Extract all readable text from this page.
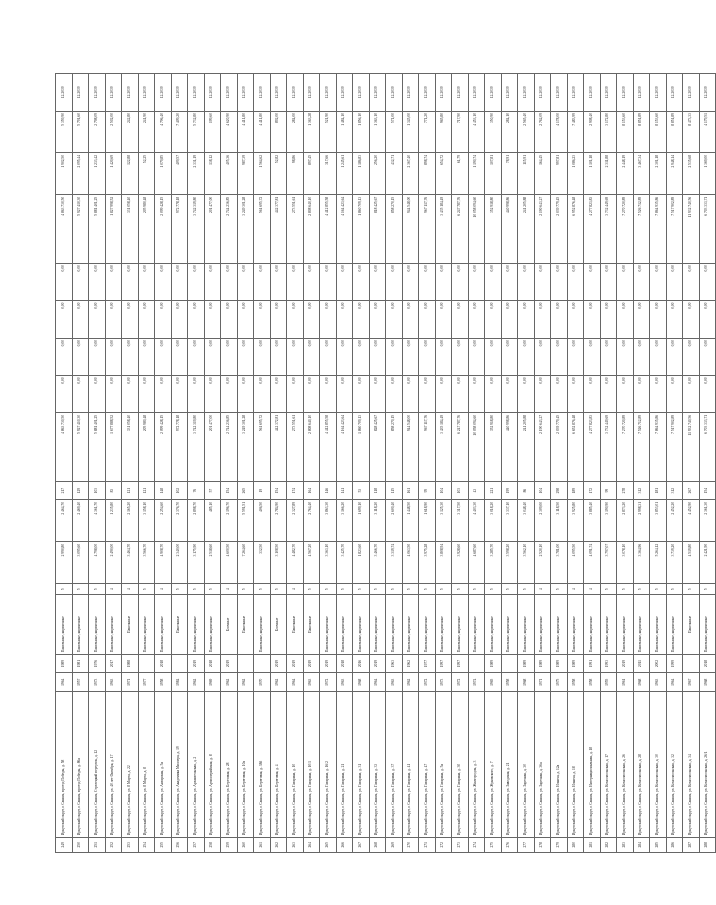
249	Иркутский округ, г. Саянск, проезд Победы, д. 58	1964	1989	Панельные, кирпичные	5	2 990,80	2 464,70	217	4 863 730,50	0,00	0,00	0,00	0,00	4 863 730,50	1 902,50	5 359,90	12.2039
250	Иркутский округ, г. Саянск, проезд Победы, д. 86а	1957	1981	Панельные, кирпичные	5	3 095,60	2 469,40	129	5 927 410,30	0,00	0,00	0,00	0,00	5 927 410,30	2 095,44	5 791,60	12.2039
251	Иркутский округ, г. Саянск, Стрелецкий переулок, д. 12	1973	1976	Панельные, кирпичные	5	4 798,00	4 361,70	103	5 881 401,25	0,00	0,00	0,00	0,00	5 881 401,25	1 233,42	2 798,09	12.2039
252	Иркутский округ, г. Саянск, ул. 40 лет Октября, д. 17	1963	2017	Панельные, кирпичные	4	2 490,00	1 235,80	83	1 677 888,52	0,00	0,00	0,00	0,00	1 827 998,52	1 420,69	2 502,00	12.2039
253	Иркутский округ, г. Саянск, ул. 8 Марта, д. 22	1971	1988	Панельные	4	3 464,70	2 165,20	121	331 058,40	0,00	0,00	0,00	0,00	331 058,40	122,88	242,80	12.2039
254	Иркутский округ, г. Саянск, ул. 8 Марта, д. 8	1977		Панельные, кирпичные	5	3 566,70	3 158,10	121	205 980,48	0,00	0,00	0,00	0,00	205 980,48	52,25	241,90	12.2039
255	Иркутский округ, г. Саянск, ул. Ангарская, д. 5а	1958	2018	Панельные, кирпичные	4	4 908,70	2 254,60	148	2 099 428,15	0,00	0,00	0,00	0,00	2 099 428,15	1 079,85	4 796,40	12.2039
256	Иркутский округ, г. Саянск, ул. Академика Миллера, д. 19	1984		Панельные	5	2 340,00	2 376,70	102	972 778,18	0,00	0,00	0,00	0,00	972 778,18	409,57	7 409,20	12.2039
257	Иркутский округ, г. Саянск, ул. Архангельская, д. 2	1962	2019	Панельные, кирпичные	5	3 175,90	2 898,70	76	3 742 319,80	0,00	0,00	0,00	0,00	3 742 319,80	2 331,19	5 732,80	12.2039
258	Иркутский округ, г. Саянск, ул. Артиллерийская, д. 8	1969	2018	Панельные, кирпичные	5	2 518,60	485,10	57	201 477,00	0,00	0,00	0,00	0,00	201 477,00	138,12	199,60	12.2039
259	Иркутский округ, г. Саянск, ул. Березовая, д. 28	1962	2019	Блочные	4	4 600,50	2 196,70	154	2 744 236,85	0,00	0,00	0,00	0,00	2 744 236,85	405,36	4 620,90	12.2039
260	Иркутский округ, г. Саянск, ул. Береговая, д. 10а	1962		Панельные	5	7 264,60	5 591,51	265	3 249 301,28	0,00	0,00	0,00	0,00	3 249 301,28	987,39	4 411,80	12.2039
261	Иркутский округ, г. Саянск, ул. Береговая, д. 38б	1970		Панельные, кирпичные	5	332,50	406,50	19	561 695,72	0,00	0,00	0,00	0,00	561 695,72	1 564,62	4 411,80	12.2039
262	Иркутский округ, г. Саянск, ул. Береговая, д. 4	1962	2019	Блочные	5	3 108,50	2 784,90	154	442 372,81	0,00	0,00	0,00	0,00	442 377,81	52,82	892,00	12.2039
263	Иркутский округ, г. Саянск, ул. Гагарина, д. 10	1964	2019	Панельные	4	4 482,70	2 327,89	174	273 551,61	0,00	0,00	0,00	0,00	273 551,61	98,86	284,00	12.2039
264	Иркутский округ, г. Саянск, ул. Гагарина, д. 10/1	1963	2019	Панельные	5	4 567,20	2 764,40	164	2 808 640,10	0,00	0,00	0,00	0,00	2 808 640,10	897,45	1 363,28	12.2039
265	Иркутский округ, г. Саянск, ул. Гагарина, д. 16/2	1972	2019	Панельные, кирпичные	5	3 363,10	3 863,30	146	4 412 855,58	0,00	0,00	0,00	0,00	4 412 855,58	317,66	521,90	12.2039
266	Иркутский округ, г. Саянск, ул. Гагарина, д. 21	1963	2018	Панельные, кирпичные	5	3 425,70	3 166,20	141	4 164 423,64	0,00	0,00	0,00	0,00	4 164 423,64	1 245,61	1 484,10	12.2039
267	Иркутский округ, г. Саянск, ул. Гагарина, д. 31	1968	2016	Панельные, кирпичные	5	1 823,60	1 699,10	53	1 860 709,13	0,00	0,00	0,00	0,00	1 860 709,13	1 186,83	1 856,10	12.2039
268	Иркутский округ, г. Саянск, ул. Гагарина, д. 33	1964	2019	Панельные, кирпичные	5	3 466,70	3 118,20	118	828 425,67	0,00	0,00	0,00	0,00	818 425,67	256,20	1 363,10	12.2039
269	Иркутский округ, г. Саянск, ул. Гагарина, д. 37	1963	1963	Панельные, кирпичные	5	3 319,74	2 600,40	115	858 270,15	0,00	0,00	0,00	0,00	858 270,15	432,71	571,00	12.2039
270	Иркутский округ, г. Саянск, ул. Гагарина, д. 41	1962	1962	Панельные, кирпичные	5	4 063,50	1 448,50	161	944 548,00	0,00	0,00	0,00	0,00	944 548,00	2 367,40	1 345,00	12.2039
271	Иркутский округ, г. Саянск, ул. Гагарина, д. 47	1972	1977	Панельные, кирпичные	5	3 975,28	1 618,90	95	967 117,76	0,00	0,00	0,00	0,00	967 117,76	898,74	771,20	12.2039
272	Иркутский округ, г. Саянск, ул. Гагарина, д. 5а	1973	1997	Панельные, кирпичные	5	3 808,94	3 125,30	104	3 435 184,49	0,00	0,00	0,00	0,00	3 435 184,49	654,72	965,80	12.2039
273	Иркутский округ, г. Саянск, ул. Гагарина, д. 30	1972	1997	Панельные, кирпичные	5	3 928,60	3 317,50	103	6 247 787,76	0,00	0,00	0,00	0,00	6 247 787,76	61,79	717,90	12.2039
274	Иркутский округ, г. Саянск, ул. Жилгородок, д. 3	1974		Панельные, кирпичные	5	4 687,60	4 403,30	43	10 058 094,60	0,00	0,00	0,00	0,00	10 058 094,60	1 190,74	4 453,10	12.2039
275	Иркутский округ, г. Саянск, ул. Жуковского, д. 7	1965	1989	Панельные, кирпичные	5	3 285,70	3 018,20	221	352 918,80	0,00	0,00	0,00	0,00	352 918,80	107,81	350,90	12.2039
276	Иркутский округ, г. Саянск, ул. Заводская, д. 21	1958		Панельные, кирпичные	5	3 598,20	3 337,10	199	440 998,86	0,00	0,00	0,00	0,00	440 998,86	78,91	284,10	12.2039
277	Иркутский округ, г. Саянск, ул. Заречная, д. 30	1968	1989	Панельные, кирпичные	5	3 562,10	3 048,40	86	241 205,88	0,00	0,00	0,00	0,00	241 205,88	115,91	2 565,40	12.2039
278	Иркутский округ, г. Саянск, ул. Заречная, д. 36а	1971	1989	Панельные, кирпичные	4	2 520,10	2 309,00	104	2 190 643,27	0,00	0,00	0,00	0,00	2 190 643,27	164,45	2 762,09	12.2039
279	Иркутский округ, г. Саянск, ул. Ильича, д. 12а	1975	1989	Панельные, кирпичные	5	3 781,00	3 118,50	298	2 039 779,45	0,00	0,00	0,00	0,00	2 039 779,45	997,81	4 178,00	12.2039
280	Иркутский округ, г. Саянск, ул. Ильича, д. 18	1958	1989	Панельные, кирпичные	4	4 095,50	3 925,80	189	6 652 876,48	0,00	0,00	0,00	0,00	6 952 876,48	1 086,23	7 483,99	12.2039
281	Иркутский округ, г. Саянск, ул. Интернациональная, д. 18	1958	1991	Панельные, кирпичные	4	4 091,74	3 885,40	172	4 277 823,83	0,00	0,00	0,00	0,00	4 277 823,83	1 101,18	2 908,40	12.2039
282	Иркутский округ, г. Саянск, ул. Комсомольская, д. 17	1955	1993	Панельные, кирпичные	5	3 797,07	3 190,90	99	3 732 449,69	0,00	0,00	0,00	0,00	3 732 449,69	2 311,88	3 172,80	12.2039
283	Иркутский округ, г. Саянск, ул. Комсомольская, д. 26	1961	2019	Панельные, кирпичные	5	3 078,10	2 873,20	278	7 270 720,89	0,00	0,00	0,00	0,00	7 270 720,89	2 448,19	8 153,60	12.2039
284	Иркутский округ, г. Саянск, ул. Комсомольская, д. 28	1968	2011	Панельные, кирпичные	5	3 364,96	2 998,31	312	7 526 712,89	0,00	0,00	0,00	0,00	7 526 712,89	3 467,34	8 851,89	12.2039
285	Иркутский округ, г. Саянск, ул. Комсомольская, д. 30	1963	2002	Панельные, кирпичные	5	5 264,12	3 853,01	181	7 864 935,86	0,00	0,00	0,00	0,00	7 864 935,86	2 301,18	8 153,60	12.2039
286	Иркутский округ, г. Саянск, ул. Комсомольская, д. 32	1964	1999	Панельные, кирпичные	5	3 739,20	2 452,20	312	7 517 902,89	0,00	0,00	0,00	0,00	7 517 902,89	2 948,14	8 851,89	12.2039
287	Иркутский округ, г. Саянск, ул. Комсомольская, д. 34	1967		Панельные	5	4 519,80	4 452,90	267	11 932 740,56	0,00	0,00	0,00	0,00	11 932 740,56	2 535,68	8 473,33	12.2039
288	Иркутский округ, г. Саянск, ул. Комсомольская, д. 26/1	1968	2018	Панельные, кирпичные	5	2 421,90	2 361,30	154	6 703 333,71	0,00	0,00	0,00	0,00	6 703 333,71	1 369,00	4 179,51	12.2039
